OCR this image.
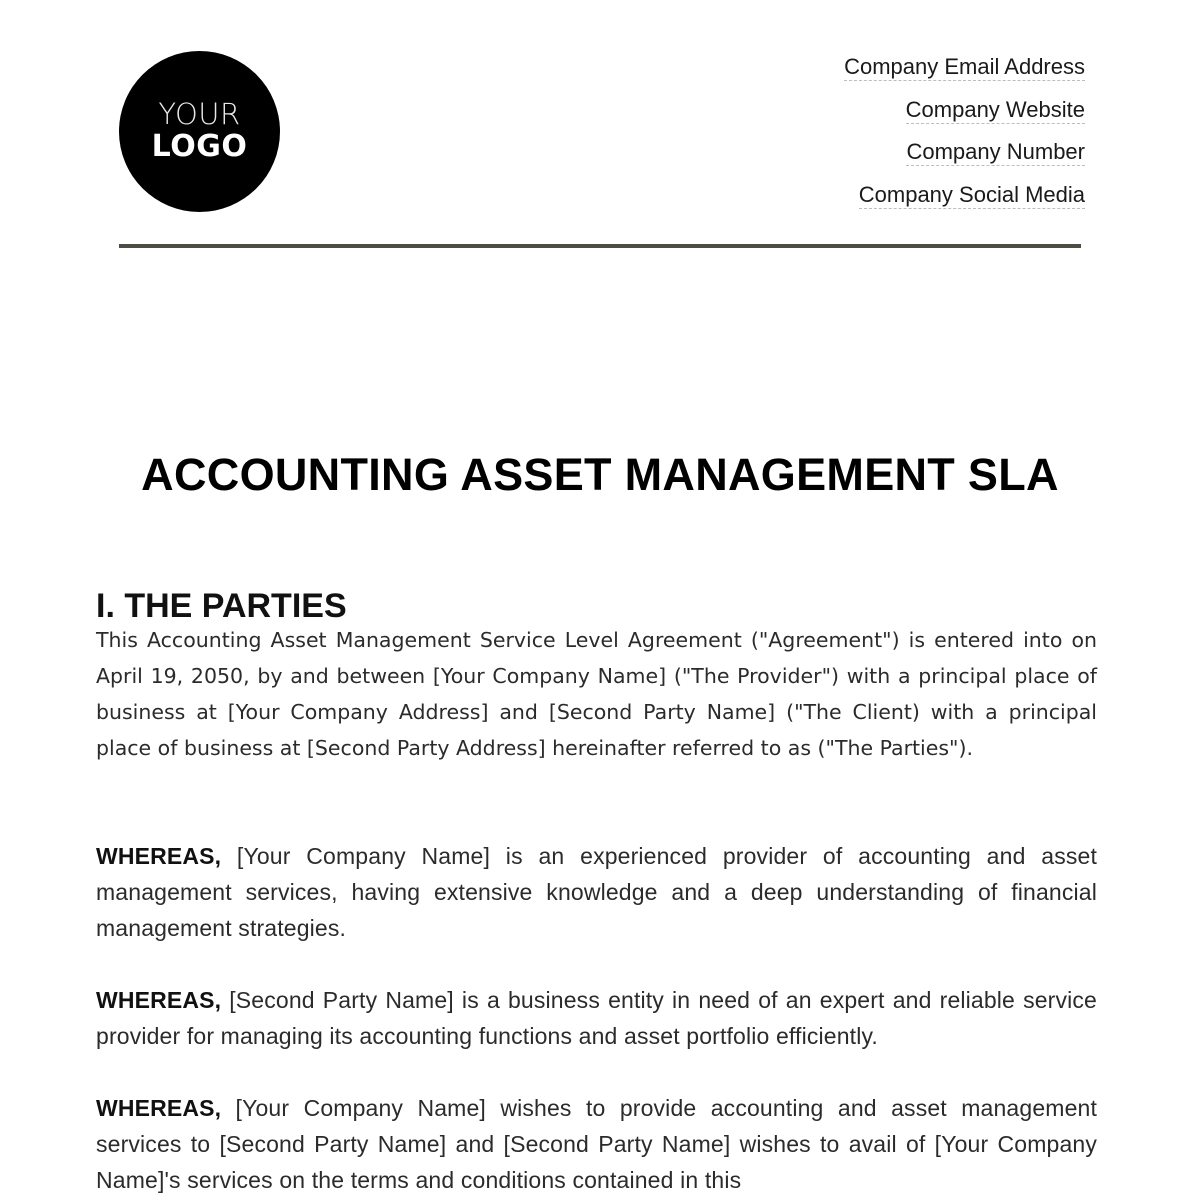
YOUR
LOGO
Company Email Address
Company Website
Company Number
Company Social Media
ACCOUNTING ASSET MANAGEMENT SLA
I. THE PARTIES

This Accounting Asset Management Service Level Agreement ("Agreement") is entered into on April 19, 2050, by and between [Your Company Name] ("The Provider") with a principal place of business at [Your Company Address] and [Second Party Name] ("The Client) with a principal place of business at [Second Party Address] hereinafter referred to as ("The Parties").

WHEREAS, [Your Company Name] is an experienced provider of accounting and asset management services, having extensive knowledge and a deep understanding of financial management strategies.

WHEREAS, [Second Party Name] is a business entity in need of an expert and reliable service provider for managing its accounting functions and asset portfolio efficiently.

WHEREAS, [Your Company Name] wishes to provide accounting and asset management services to [Second Party Name] and [Second Party Name] wishes to avail of [Your Company Name]'s services on the terms and conditions contained in this
